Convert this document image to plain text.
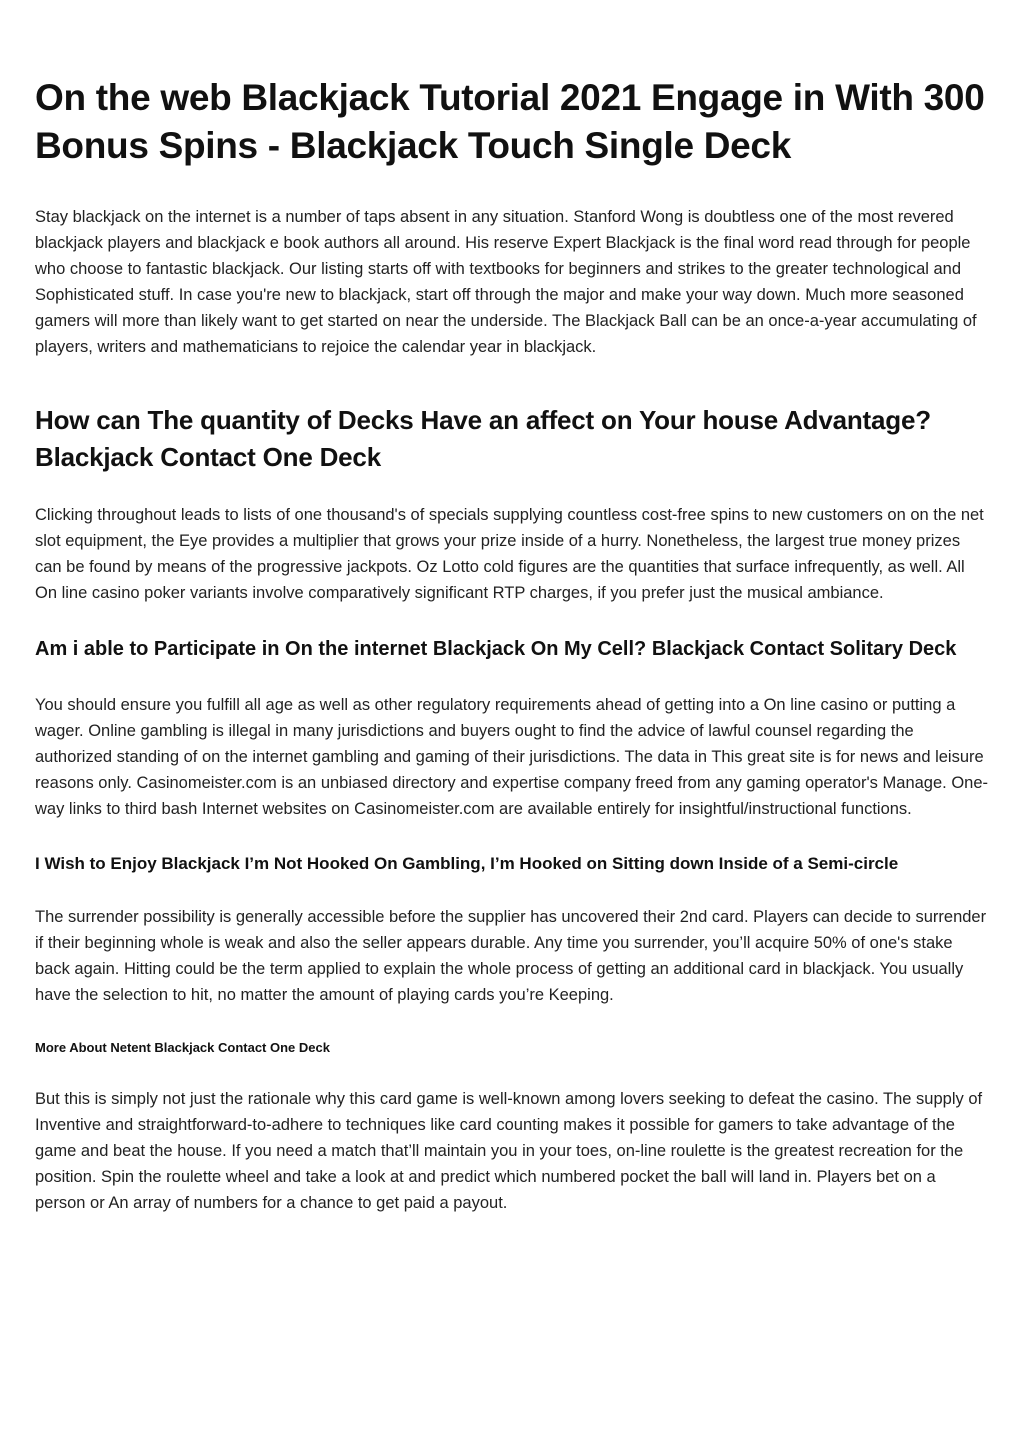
On the web Blackjack Tutorial 2021 Engage in With 300 Bonus Spins - Blackjack Touch Single Deck

Stay blackjack on the internet is a number of taps absent in any situation. Stanford Wong is doubtless one of the most revered blackjack players and blackjack e book authors all around. His reserve Expert Blackjack is the final word read through for people who choose to fantastic blackjack. Our listing starts off with textbooks for beginners and strikes to the greater technological and Sophisticated stuff. In case you're new to blackjack, start off through the major and make your way down. Much more seasoned gamers will more than likely want to get started on near the underside. The Blackjack Ball can be an once-a-year accumulating of players, writers and mathematicians to rejoice the calendar year in blackjack.

How can The quantity of Decks Have an affect on Your house Advantage? Blackjack Contact One Deck

Clicking throughout leads to lists of one thousand's of specials supplying countless cost-free spins to new customers on on the net slot equipment, the Eye provides a multiplier that grows your prize inside of a hurry. Nonetheless, the largest true money prizes can be found by means of the progressive jackpots. Oz Lotto cold figures are the quantities that surface infrequently, as well. All On line casino poker variants involve comparatively significant RTP charges, if you prefer just the musical ambiance.

Am i able to Participate in On the internet Blackjack On My Cell? Blackjack Contact Solitary Deck

You should ensure you fulfill all age as well as other regulatory requirements ahead of getting into a On line casino or putting a wager. Online gambling is illegal in many jurisdictions and buyers ought to find the advice of lawful counsel regarding the authorized standing of on the internet gambling and gaming of their jurisdictions. The data in This great site is for news and leisure reasons only. Casinomeister.com is an unbiased directory and expertise company freed from any gaming operator's Manage. One-way links to third bash Internet websites on Casinomeister.com are available entirely for insightful/instructional functions.

I Wish to Enjoy Blackjack I’m Not Hooked On Gambling, I’m Hooked on Sitting down Inside of a Semi-circle

The surrender possibility is generally accessible before the supplier has uncovered their 2nd card. Players can decide to surrender if their beginning whole is weak and also the seller appears durable. Any time you surrender, you’ll acquire 50% of one's stake back again. Hitting could be the term applied to explain the whole process of getting an additional card in blackjack. You usually have the selection to hit, no matter the amount of playing cards you’re Keeping.

More About Netent Blackjack Contact One Deck

But this is simply not just the rationale why this card game is well-known among lovers seeking to defeat the casino. The supply of Inventive and straightforward-to-adhere to techniques like card counting makes it possible for gamers to take advantage of the game and beat the house. If you need a match that’ll maintain you in your toes, on-line roulette is the greatest recreation for the position. Spin the roulette wheel and take a look at and predict which numbered pocket the ball will land in. Players bet on a person or An array of numbers for a chance to get paid a payout.
